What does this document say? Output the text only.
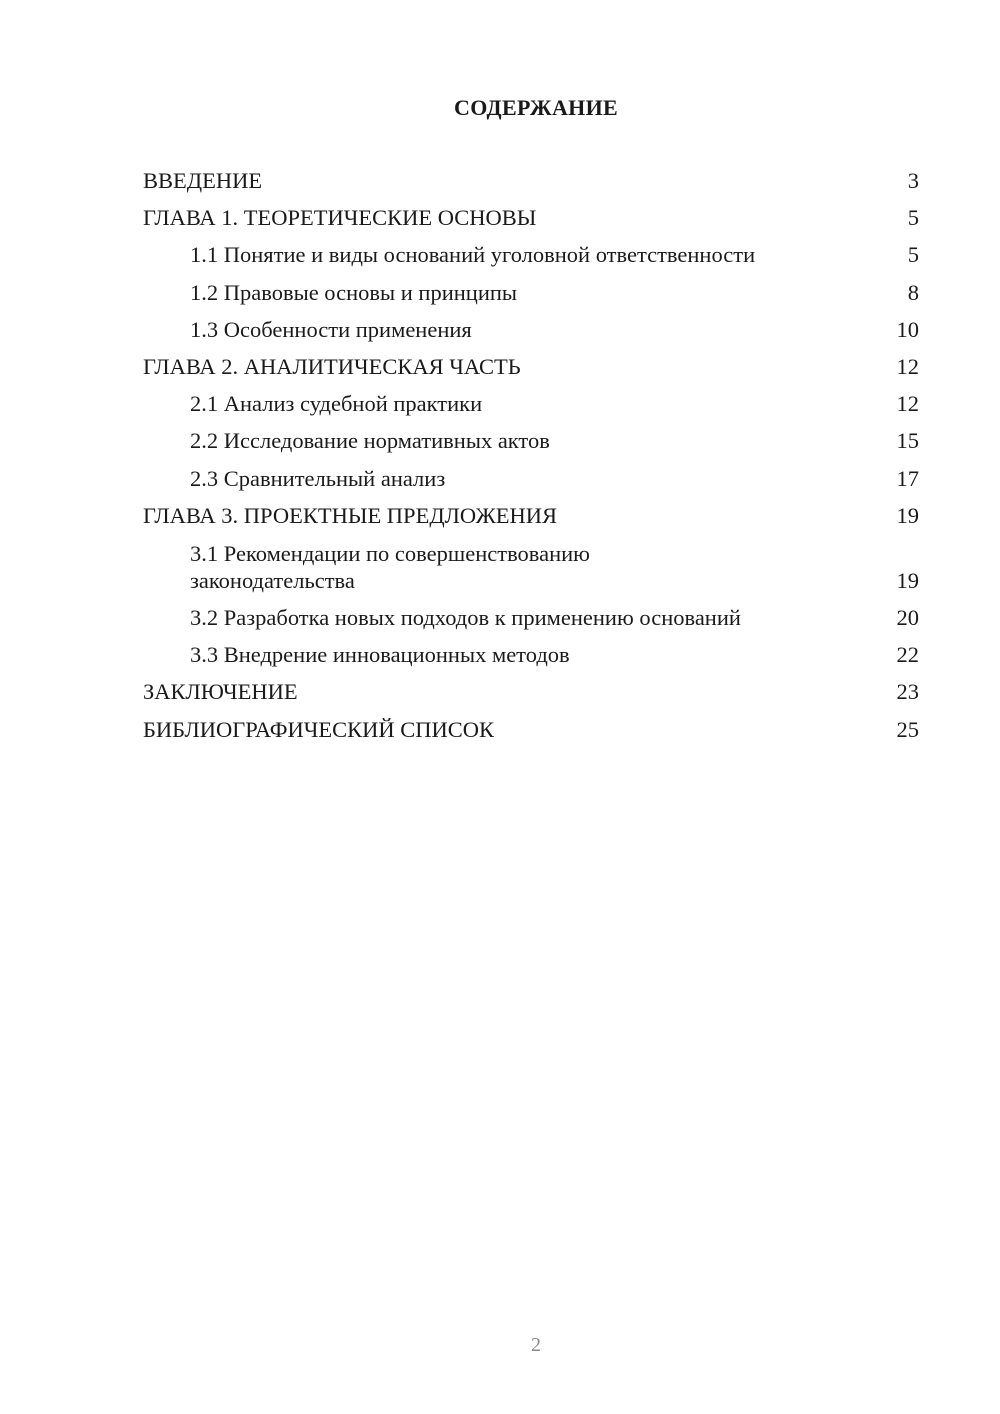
СОДЕРЖАНИЕ
ВВЕДЕНИЕ	3
ГЛАВА 1. ТЕОРЕТИЧЕСКИЕ ОСНОВЫ	5
1.1 Понятие и виды оснований уголовной ответственности	5
1.2 Правовые основы и принципы	8
1.3 Особенности применения	10
ГЛАВА 2. АНАЛИТИЧЕСКАЯ ЧАСТЬ	12
2.1 Анализ судебной практики	12
2.2 Исследование нормативных актов	15
2.3 Сравнительный анализ	17
ГЛАВА 3. ПРОЕКТНЫЕ ПРЕДЛОЖЕНИЯ	19
3.1 Рекомендации по совершенствованию законодательства	19
3.2 Разработка новых подходов к применению оснований	20
3.3 Внедрение инновационных методов	22
ЗАКЛЮЧЕНИЕ	23
БИБЛИОГРАФИЧЕСКИЙ СПИСОК	25
2
